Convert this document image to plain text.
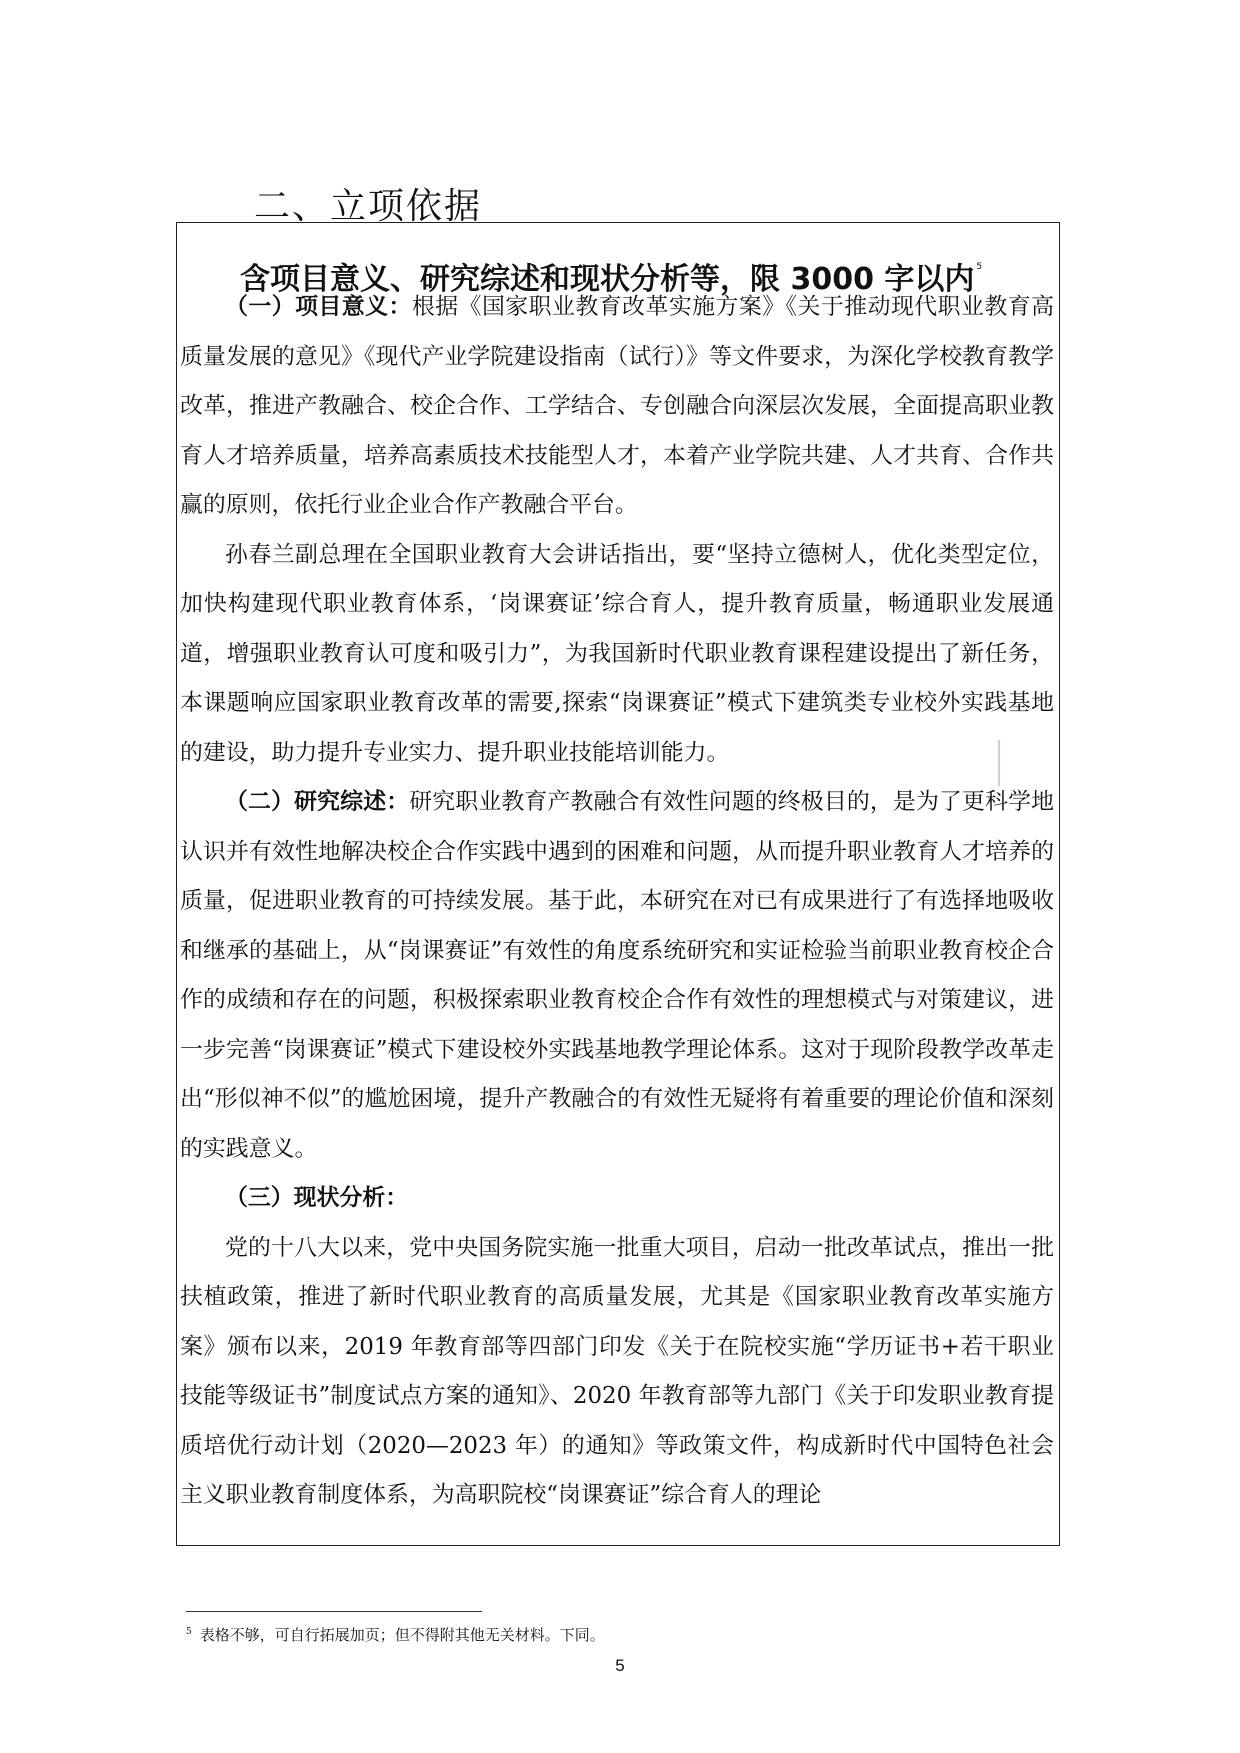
二、立项依据
含项目意义、研究综述和现状分析等，限 3000 字以内 $^5$

（一）项目意义：根据《国家职业教育改革实施方案》《关于推动现代职业教育高质量发展的意见》《现代产业学院建设指南（试行）》等文件要求，为深化学校教育教学改革，推进产教融合、校企合作、工学结合、专创融合向深层次发展，全面提高职业教育人才培养质量，培养高素质技术技能型人才，本着产业学院共建、人才共育、合作共赢的原则，依托行业企业合作产教融合平台。

孙春兰副总理在全国职业教育大会讲话指出，要“坚持立德树人，优化类型定位，加快构建现代职业教育体系，‘岗课赛证’综合育人，提升教育质量，畅通职业发展通道，增强职业教育认可度和吸引力”，为我国新时代职业教育课程建设提出了新任务，本课题响应国家职业教育改革的需要,探索“岗课赛证”模式下建筑类专业校外实践基地的建设，助力提升专业实力、提升职业技能培训能力。

（二）研究综述：研究职业教育产教融合有效性问题的终极目的，是为了更科学地认识并有效性地解决校企合作实践中遇到的困难和问题，从而提升职业教育人才培养的质量，促进职业教育的可持续发展。基于此，本研究在对已有成果进行了有选择地吸收和继承的基础上，从“岗课赛证”有效性的角度系统研究和实证检验当前职业教育校企合作的成绩和存在的问题，积极探索职业教育校企合作有效性的理想模式与对策建议，进一步完善“岗课赛证”模式下建设校外实践基地教学理论体系。这对于现阶段教学改革走出“形似神不似”的尴尬困境，提升产教融合的有效性无疑将有着重要的理论价值和深刻的实践意义。

（三）现状分析：

党的十八大以来，党中央国务院实施一批重大项目，启动一批改革试点，推出一批扶植政策，推进了新时代职业教育的高质量发展，尤其是《国家职业教育改革实施方案》颁布以来，2019 年教育部等四部门印发《关于在院校实施“学历证书+若干职业技能等级证书”制度试点方案的通知》、2020 年教育部等九部门《关于印发职业教育提质培优行动计划（2020—2023 年）的通知》等政策文件，构成新时代中国特色社会主义职业教育制度体系，为高职院校“岗课赛证”综合育人的理论

$^5$ 表格不够，可自行拓展加页；但不得附其他无关材料。下同。
5
